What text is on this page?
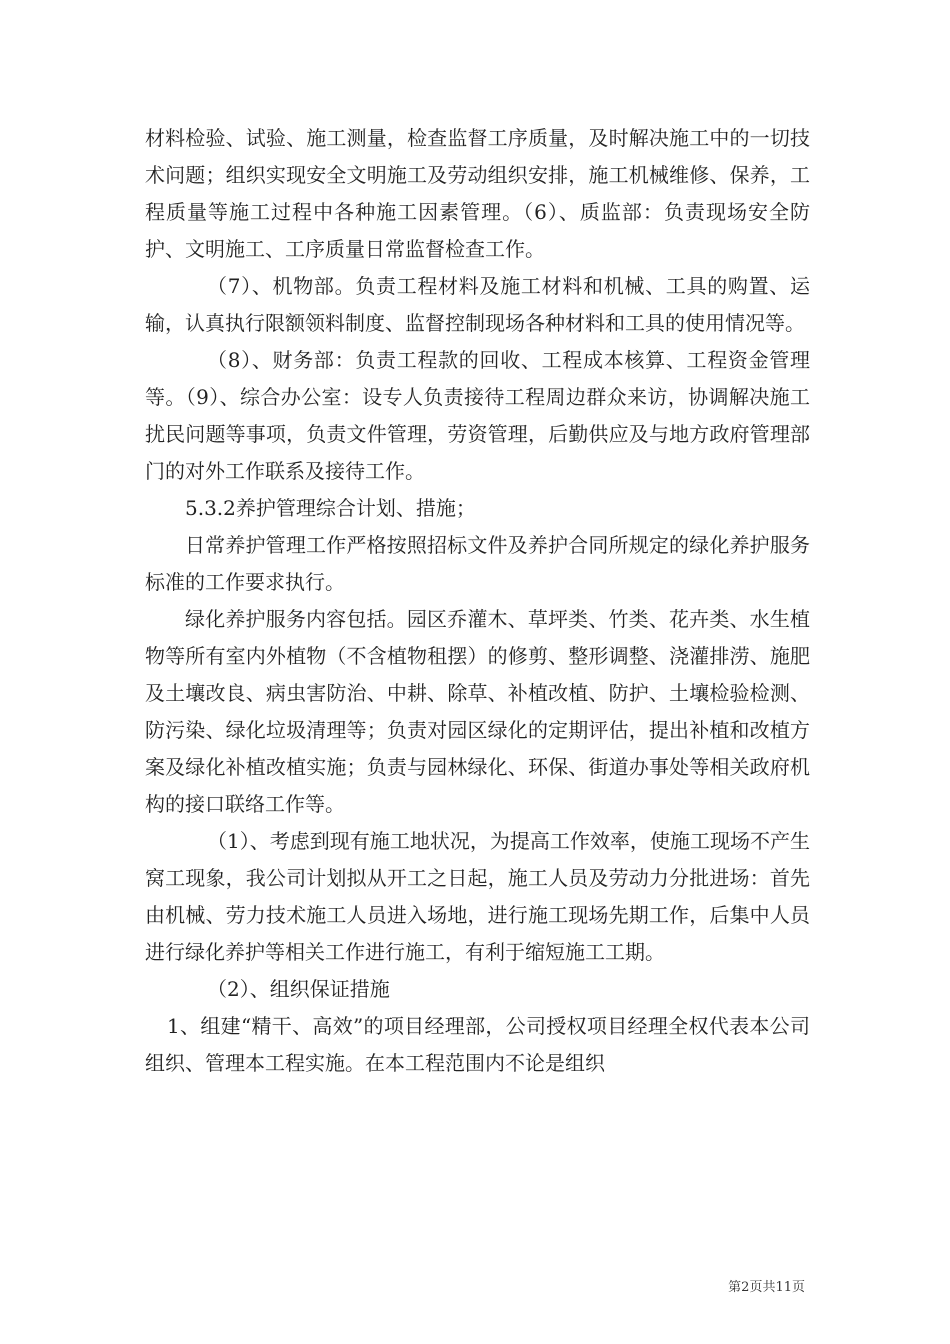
材料检验、试验、施工测量，检查监督工序质量，及时解决施工中的一切技术问题；组织实现安全文明施工及劳动组织安排，施工机械维修、保养，工程质量等施工过程中各种施工因素管理。（6）、质监部：负责现场安全防护、文明施工、工序质量日常监督检查工作。

（7）、机物部。负责工程材料及施工材料和机械、工具的购置、运输，认真执行限额领料制度、监督控制现场各种材料和工具的使用情况等。

（8）、财务部：负责工程款的回收、工程成本核算、工程资金管理等。（9）、综合办公室：设专人负责接待工程周边群众来访，协调解决施工扰民问题等事项，负责文件管理，劳资管理，后勤供应及与地方政府管理部门的对外工作联系及接待工作。

5.3.2养护管理综合计划、措施；

日常养护管理工作严格按照招标文件及养护合同所规定的绿化养护服务标准的工作要求执行。

绿化养护服务内容包括。园区乔灌木、草坪类、竹类、花卉类、水生植物等所有室内外植物（不含植物租摆）的修剪、整形调整、浇灌排涝、施肥及土壤改良、病虫害防治、中耕、除草、补植改植、防护、土壤检验检测、防污染、绿化垃圾清理等；负责对园区绿化的定期评估，提出补植和改植方案及绿化补植改植实施；负责与园林绿化、环保、街道办事处等相关政府机构的接口联络工作等。

（1）、考虑到现有施工地状况，为提高工作效率，使施工现场不产生窝工现象，我公司计划拟从开工之日起，施工人员及劳动力分批进场：首先由机械、劳力技术施工人员进入场地，进行施工现场先期工作，后集中人员进行绿化养护等相关工作进行施工，有利于缩短施工工期。

（2）、组织保证措施

1、组建“精干、高效”的项目经理部，公司授权项目经理全权代表本公司组织、管理本工程实施。在本工程范围内不论是组织

第2页共11页
